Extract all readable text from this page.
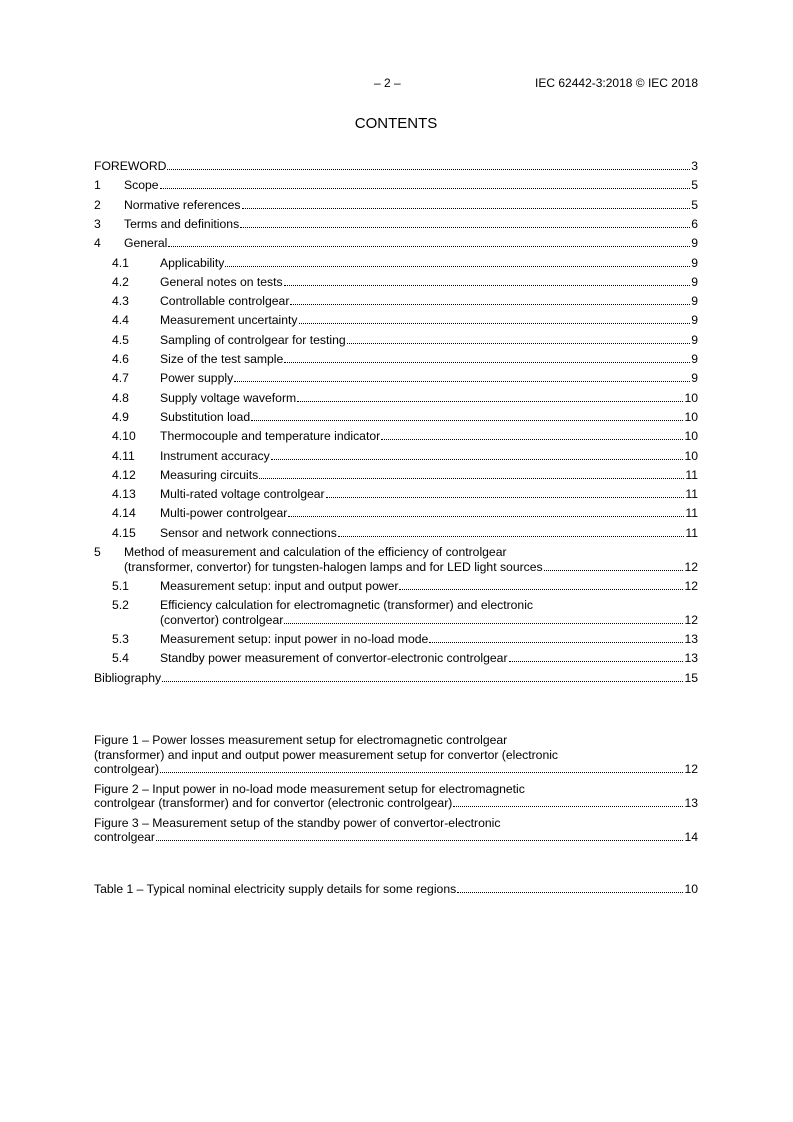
– 2 –	IEC 62442-3:2018 © IEC 2018
CONTENTS
FOREWORD	3
1 Scope	5
2 Normative references	5
3 Terms and definitions	6
4 General	9
4.1	Applicability	9
4.2	General notes on tests	9
4.3	Controllable controlgear	9
4.4	Measurement uncertainty	9
4.5	Sampling of controlgear for testing	9
4.6	Size of the test sample	9
4.7	Power supply	9
4.8	Supply voltage waveform	10
4.9	Substitution load	10
4.10 Thermocouple and temperature indicator	10
4.11 Instrument accuracy	10
4.12 Measuring circuits	11
4.13 Multi-rated voltage controlgear	11
4.14 Multi-power controlgear	11
4.15 Sensor and network connections	11
5 Method of measurement and calculation of the efficiency of controlgear
(transformer, convertor) for tungsten-halogen lamps and for LED light sources	12
5.1	Measurement setup: input and output power	12
5.2	Efficiency calculation for electromagnetic (transformer) and electronic
(convertor) controlgear	12
5.3	Measurement setup: input power in no-load mode	13
5.4	Standby power measurement of convertor-electronic controlgear	13
Bibliography	15
Figure 1 – Power losses measurement setup for electromagnetic controlgear
(transformer) and input and output power measurement setup for convertor (electronic
controlgear)	12
Figure 2 – Input power in no-load mode measurement setup for electromagnetic
controlgear (transformer) and for convertor (electronic controlgear)	13
Figure 3 – Measurement setup of the standby power of convertor-electronic
controlgear	14
Table 1 – Typical nominal electricity supply details for some regions	10
